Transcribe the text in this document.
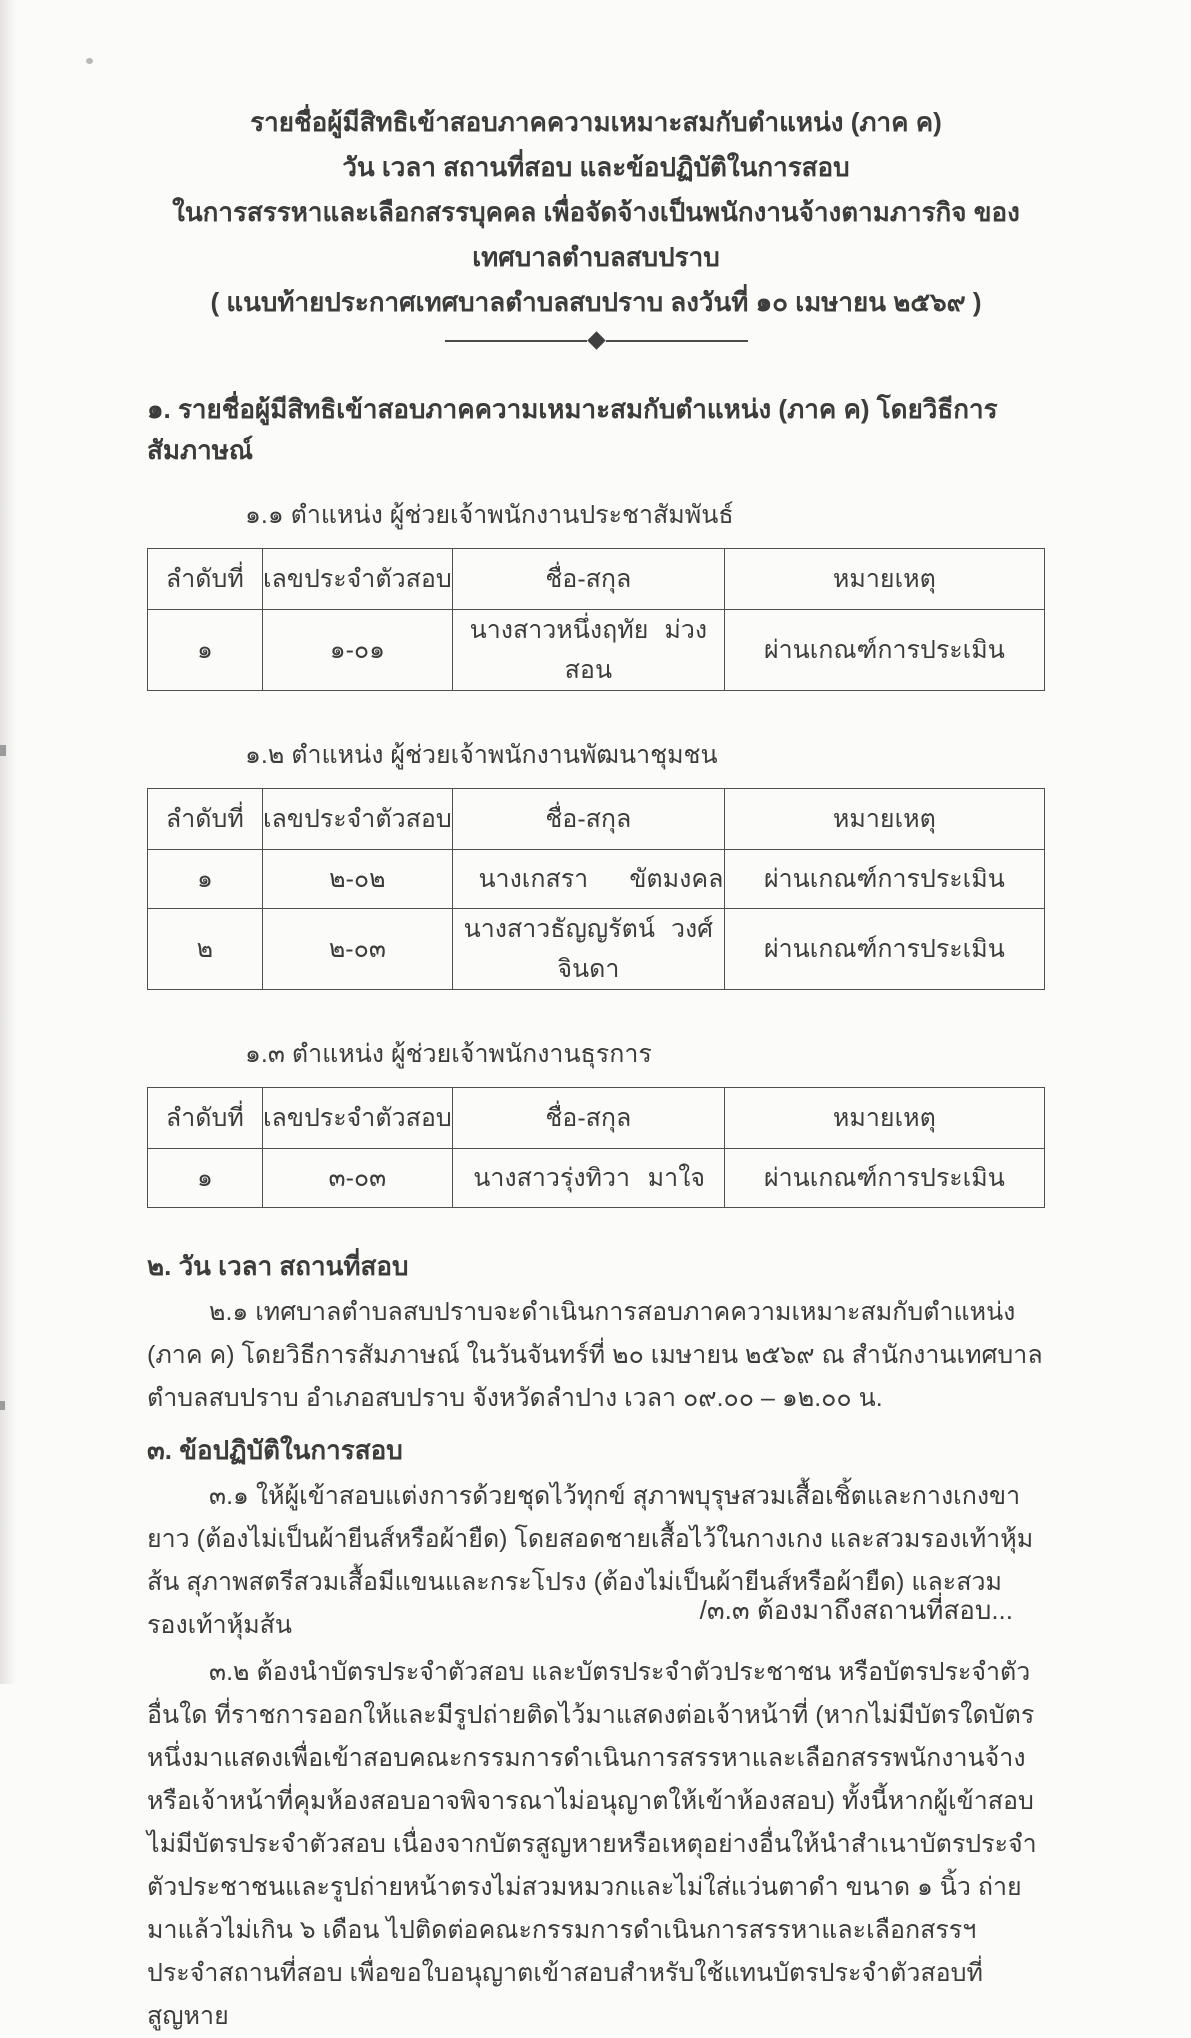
รายชื่อผู้มีสิทธิเข้าสอบภาคความเหมาะสมกับตำแหน่ง (ภาค ค)
วัน เวลา สถานที่สอบ และข้อปฏิบัติในการสอบ
ในการสรรหาและเลือกสรรบุคคล เพื่อจัดจ้างเป็นพนักงานจ้างตามภารกิจ ของเทศบาลตำบลสบปราบ
( แนบท้ายประกาศเทศบาลตำบลสบปราบ ลงวันที่ ๑๐ เมษายน ๒๕๖๙ )
๑. รายชื่อผู้มีสิทธิเข้าสอบภาคความเหมาะสมกับตำแหน่ง (ภาค ค) โดยวิธีการสัมภาษณ์
๑.๑ ตำแหน่ง ผู้ช่วยเจ้าพนักงานประชาสัมพันธ์
ลำดับที่	เลขประจำตัวสอบ	ชื่อ-สกุล	หมายเหตุ
๑	๑-๐๑	นางสาวหนึ่งฤทัย ม่วงสอน	ผ่านเกณฑ์การประเมิน
๑.๒ ตำแหน่ง ผู้ช่วยเจ้าพนักงานพัฒนาชุมชน
ลำดับที่	เลขประจำตัวสอบ	ชื่อ-สกุล	หมายเหตุ
๑	๒-๐๒	นางเกสรา ขัตมงคล	ผ่านเกณฑ์การประเมิน
๒	๒-๐๓	นางสาวธัญญรัตน์ วงศ์จินดา	ผ่านเกณฑ์การประเมิน
๑.๓ ตำแหน่ง ผู้ช่วยเจ้าพนักงานธุรการ
ลำดับที่	เลขประจำตัวสอบ	ชื่อ-สกุล	หมายเหตุ
๑	๓-๐๓	นางสาวรุ่งทิวา มาใจ	ผ่านเกณฑ์การประเมิน
๒. วัน เวลา สถานที่สอบ

๒.๑ เทศบาลตำบลสบปราบจะดำเนินการสอบภาคความเหมาะสมกับตำแหน่ง (ภาค ค) โดยวิธีการสัมภาษณ์ ในวันจันทร์ที่ ๒๐ เมษายน ๒๕๖๙ ณ สำนักงานเทศบาลตำบลสบปราบ อำเภอสบปราบ จังหวัดลำปาง เวลา ๐๙.๐๐ – ๑๒.๐๐ น.

๓. ข้อปฏิบัติในการสอบ

๓.๑ ให้ผู้เข้าสอบแต่งการด้วยชุดไว้ทุกข์ สุภาพบุรุษสวมเสื้อเชิ้ตและกางเกงขายาว (ต้องไม่เป็นผ้ายีนส์หรือผ้ายืด) โดยสอดชายเสื้อไว้ในกางเกง และสวมรองเท้าหุ้มส้น สุภาพสตรีสวมเสื้อมีแขนและกระโปรง (ต้องไม่เป็นผ้ายีนส์หรือผ้ายืด) และสวมรองเท้าหุ้มส้น

๓.๒ ต้องนำบัตรประจำตัวสอบ และบัตรประจำตัวประชาชน หรือบัตรประจำตัวอื่นใด ที่ราชการออกให้และมีรูปถ่ายติดไว้มาแสดงต่อเจ้าหน้าที่ (หากไม่มีบัตรใดบัตรหนึ่งมาแสดงเพื่อเข้าสอบคณะกรรมการดำเนินการสรรหาและเลือกสรรพนักงานจ้าง หรือเจ้าหน้าที่คุมห้องสอบอาจพิจารณาไม่อนุญาตให้เข้าห้องสอบ) ทั้งนี้หากผู้เข้าสอบไม่มีบัตรประจำตัวสอบ เนื่องจากบัตรสูญหายหรือเหตุอย่างอื่นให้นำสำเนาบัตรประจำตัวประชาชนและรูปถ่ายหน้าตรงไม่สวมหมวกและไม่ใส่แว่นตาดำ ขนาด ๑ นิ้ว ถ่ายมาแล้วไม่เกิน ๖ เดือน ไปติดต่อคณะกรรมการดำเนินการสรรหาและเลือกสรรฯ ประจำสถานที่สอบ เพื่อขอใบอนุญาตเข้าสอบสำหรับใช้แทนบัตรประจำตัวสอบที่สูญหาย

/๓.๓ ต้องมาถึงสถานที่สอบ...
